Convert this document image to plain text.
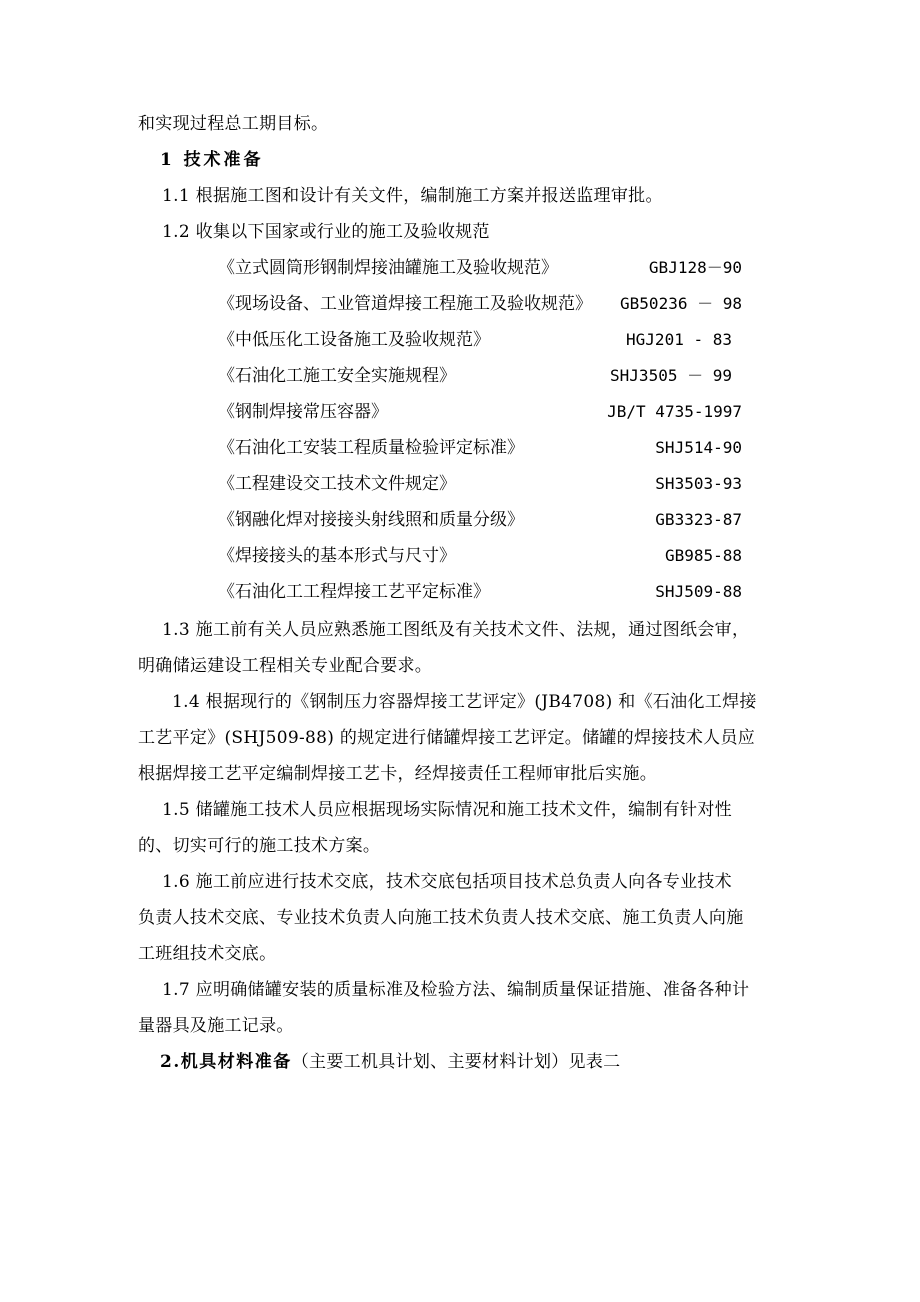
和实现过程总工期目标。
1 技术准备
1.1 根据施工图和设计有关文件，编制施工方案并报送监理审批。
1.2 收集以下国家或行业的施工及验收规范
《立式圆筒形钢制焊接油罐施工及验收规范》	GBJ128－90
《现场设备、工业管道焊接工程施工及验收规范》 GB50236 － 98
《中低压化工设备施工及验收规范》	HGJ201 - 83
《石油化工施工安全实施规程》	SHJ3505 － 99
《钢制焊接常压容器》	JB/T 4735-1997
《石油化工安装工程质量检验评定标准》	SHJ514-90
《工程建设交工技术文件规定》	SH3503-93
《钢融化焊对接接头射线照和质量分级》	GB3323-87
《焊接接头的基本形式与尺寸》	GB985-88
《石油化工工程焊接工艺平定标准》	SHJ509-88
1.3 施工前有关人员应熟悉施工图纸及有关技术文件、法规，通过图纸会审，
明确储运建设工程相关专业配合要求。
1.4 根据现行的《钢制压力容器焊接工艺评定》(JB4708) 和《石油化工焊接
工艺平定》(SHJ509-88) 的规定进行储罐焊接工艺评定。储罐的焊接技术人员应
根据焊接工艺平定编制焊接工艺卡，经焊接责任工程师审批后实施。
1.5 储罐施工技术人员应根据现场实际情况和施工技术文件，编制有针对性
的、切实可行的施工技术方案。
1.6 施工前应进行技术交底，技术交底包括项目技术总负责人向各专业技术
负责人技术交底、专业技术负责人向施工技术负责人技术交底、施工负责人向施
工班组技术交底。
1.7 应明确储罐安装的质量标准及检验方法、编制质量保证措施、准备各种计
量器具及施工记录。
2.机具材料准备（主要工机具计划、主要材料计划）见表二
